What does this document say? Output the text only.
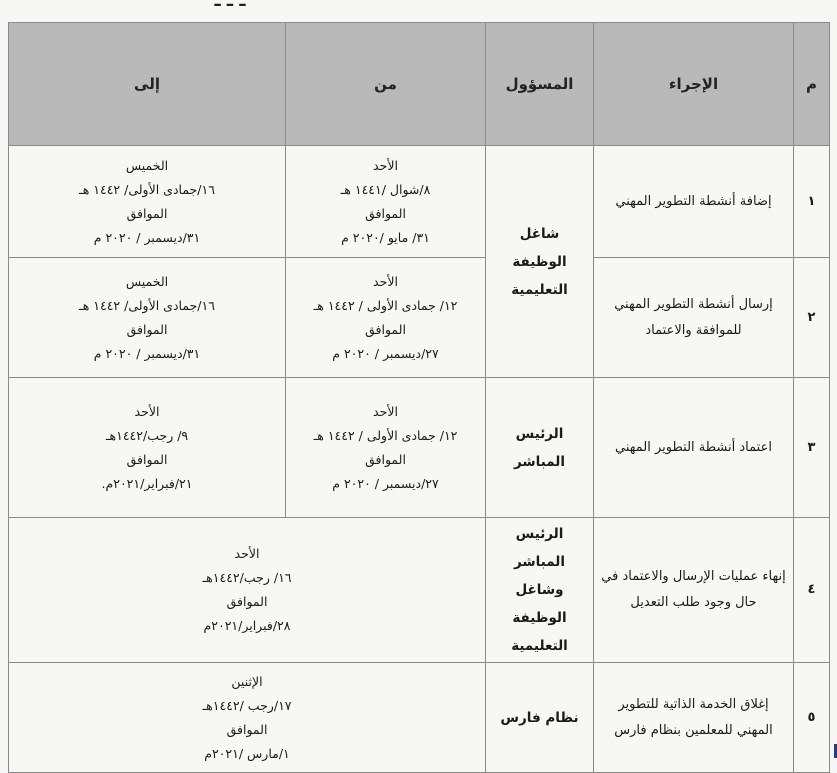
ـ ـ ـ
م	الإجراء	المسؤول	من	إلى
١	إضافة أنشطة التطوير المهني	شاغل الوظيفة التعليمية	الأحد
٨/شوال /١٤٤١ هـ
الموافق
٣١/ مايو /٢٠٢٠ م	الخميس
١٦/جمادى الأولى/ ١٤٤٢ هـ
الموافق
٣١/ديسمبر / ٢٠٢٠ م

٢	إرسال أنشطة التطوير المهني للموافقة والاعتماد		الأحد
١٢/ جمادى الأولى / ١٤٤٢ هـ
الموافق
٢٧/ديسمبر / ٢٠٢٠ م	الخميس
١٦/جمادى الأولى/ ١٤٤٢ هـ
الموافق
٣١/ديسمبر / ٢٠٢٠ م

٣	اعتماد أنشطة التطوير المهني	الرئيس المباشر	الأحد
١٢/ جمادى الأولى / ١٤٤٢ هـ
الموافق
٢٧/ديسمبر / ٢٠٢٠ م	الأحد
٩/ رجب/١٤٤٢هـ
الموافق
٢١/فبراير/٢٠٢١م.

٤	إنهاء عمليات الإرسال والاعتماد في حال وجود طلب التعديل	الرئيس المباشر وشاغل الوظيفة التعليمية	الأحد
١٦/ رجب/١٤٤٢هـ
الموافق
٢٨/فبراير/٢٠٢١م	

٥	إغلاق الخدمة الذاتية للتطوير المهني للمعلمين بنظام فارس	نظام فارس	الإثنين
١٧/رجب /١٤٤٢هـ
الموافق
١/مارس /٢٠٢١م	
